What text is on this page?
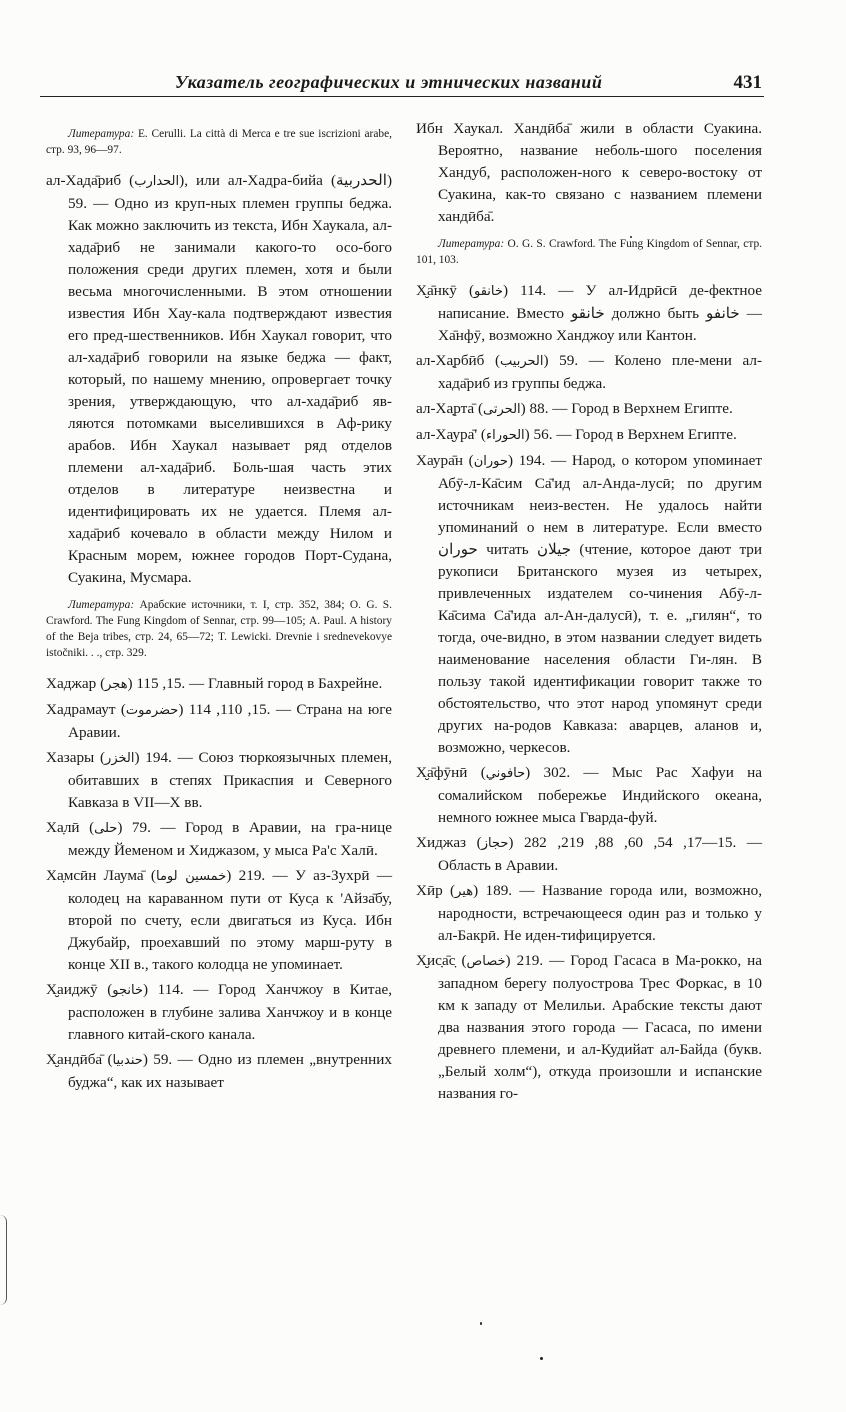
Указатель географических и этнических названий	431

Литература: E. Cerulli. La città di Merca e tre sue iscrizioni arabe, стр. 93, 96—97.

ал-Ха̣да̄риб (الحدارب), или ал-Хадра-бийа (الحدربية) 59. — Одно из круп-ных племен группы беджа. Как можно заключить из текста, Ибн Хаукала, ал-хада̄риб не занимали какого-то осо-бого положения среди других племен, хотя и были весьма многочисленными. В этом отношении известия Ибн Хау-кала подтверждают известия его пред-шественников. Ибн Хаукал говорит, что ал-хада̄риб говорили на языке беджа — факт, который, по нашему мнению, опровергает точку зрения, утверждающую, что ал-хада̄риб яв-ляются потомками выселившихся в Аф-рику арабов. Ибн Хаукал называет ряд отделов племени ал-хада̄риб. Боль-шая часть этих отделов в литературе неизвестна и идентифицировать их не удается. Племя ал-хада̄риб кочевало в области между Нилом и Красным морем, южнее городов Порт-Судана, Суакина, Мусмара.

Литература: Арабские источники, т. I, стр. 352, 384; O. G. S. Crawford. The Fung Kingdom of Sennar, стр. 99—105; A. Paul. A history of the Beja tribes, стр. 24, 65—72; T. Lewicki. Drevnie i srednevekovye istočniki. . ., стр. 329.

Хаджар (هجر) 15, 115. — Главный город в Бахрейне.

Хадрамаут (حضرموت) 15, 110, 114. — Страна на юге Аравии.

Хазары (الخزر) 194. — Союз тюркоязычных племен, обитавших в степях Прикаспия и Северного Кавказа в VII—X вв.

Ха̣лӣ (حلى) 79. — Город в Аравии, на гра-нице между Йеменом и Хиджазом, у мыса Ра'с Халӣ.

Ха̣мсӣн Лаума̄ (خمسين لوما) 219. — У аз-Зухрӣ — колодец на караванном пути от Кус̣а к 'Айза̄бу, второй по счету, если двигаться из Кус̣а. Ибн Джубайр, проехавший по этому марш-руту в конце XII в., такого колодца не упоминает.

Х̮аиджӯ (خانجو) 114. — Город Ханчжоу в Китае, расположен в глубине залива Ханчжоу и в конце главного китай-ского канала.

Х̮андӣба̄ (حندبيا) 59. — Одно из племен „внутренних буджа“, как их называет

Ибн Хаукал. Хандӣба̄ жили в области Суакина. Вероятно, название неболь-шого поселения Хандуб, расположен-ного к северо-востоку от Суакина, как-то связано с названием племени хандӣба̄.

Литература: O. G. S. Crawford. The Fung Kingdom of Sennar, стр. 101, 103.

Х̮а̄нкӯ (خانقو) 114. — У ал-Идрӣсӣ де-фектное написание. Вместо خانقو должно быть خانفو — Ха̄нфӯ, возможно Ханджоу или Кантон.

ал-Ха̣рбӣб (الحربيب) 59. — Колено пле-мени ал-хада̄риб из группы беджа.

ал-Ха̣рта̄ (الحرتى) 88. — Город в Верхнем Египте.

ал-Ха̣ура̄' (الحوراء) 56. — Город в Верхнем Египте.

Хаура̄н (حوران) 194. — Народ, о котором упоминает Абӯ-л-Ка̄сим Са̄'ид ал-Анда-лусӣ; по другим источникам неиз-вестен. Не удалось найти упоминаний о нем в литературе. Если вместо حوران читать جيلان (чтение, которое дают три рукописи Британского музея из четырех, привлеченных издателем со-чинения Абӯ-л-Ка̄сима Са̄'ида ал-Ан-далусӣ), т. е. „гилян“, то тогда, оче-видно, в этом названии следует видеть наименование населения области Ги-лян. В пользу такой идентификации говорит также то обстоятельство, что этот народ упомянут среди других на-родов Кавказа: аварцев, аланов и, возможно, черкесов.

Х̮а̄фӯнӣ (حافوني) 302. — Мыс Рас Хафуи на сомалийском побережье Индийского океана, немного южнее мыса Гварда-фуй.

Хиджаз (حجاز) 15—17, 54, 60, 88, 219, 282. — Область в Аравии.

Хӣр (هير) 189. — Название города или, возможно, народности, встречающееся один раз и только у ал-Бакрӣ. Не иден-тифицируется.

Х̮ис̣а̄с̣ (خصاص) 219. — Город Гасаса в Ма-рокко, на западном берегу полуострова Трес Форкас, в 10 км к западу от Мелильи. Арабские тексты дают два названия этого города — Гасаса, по имени древнего племени, и ал-Кудийат ал-Байда (букв. „Белый холм“), откуда произошли и испанские названия го-
